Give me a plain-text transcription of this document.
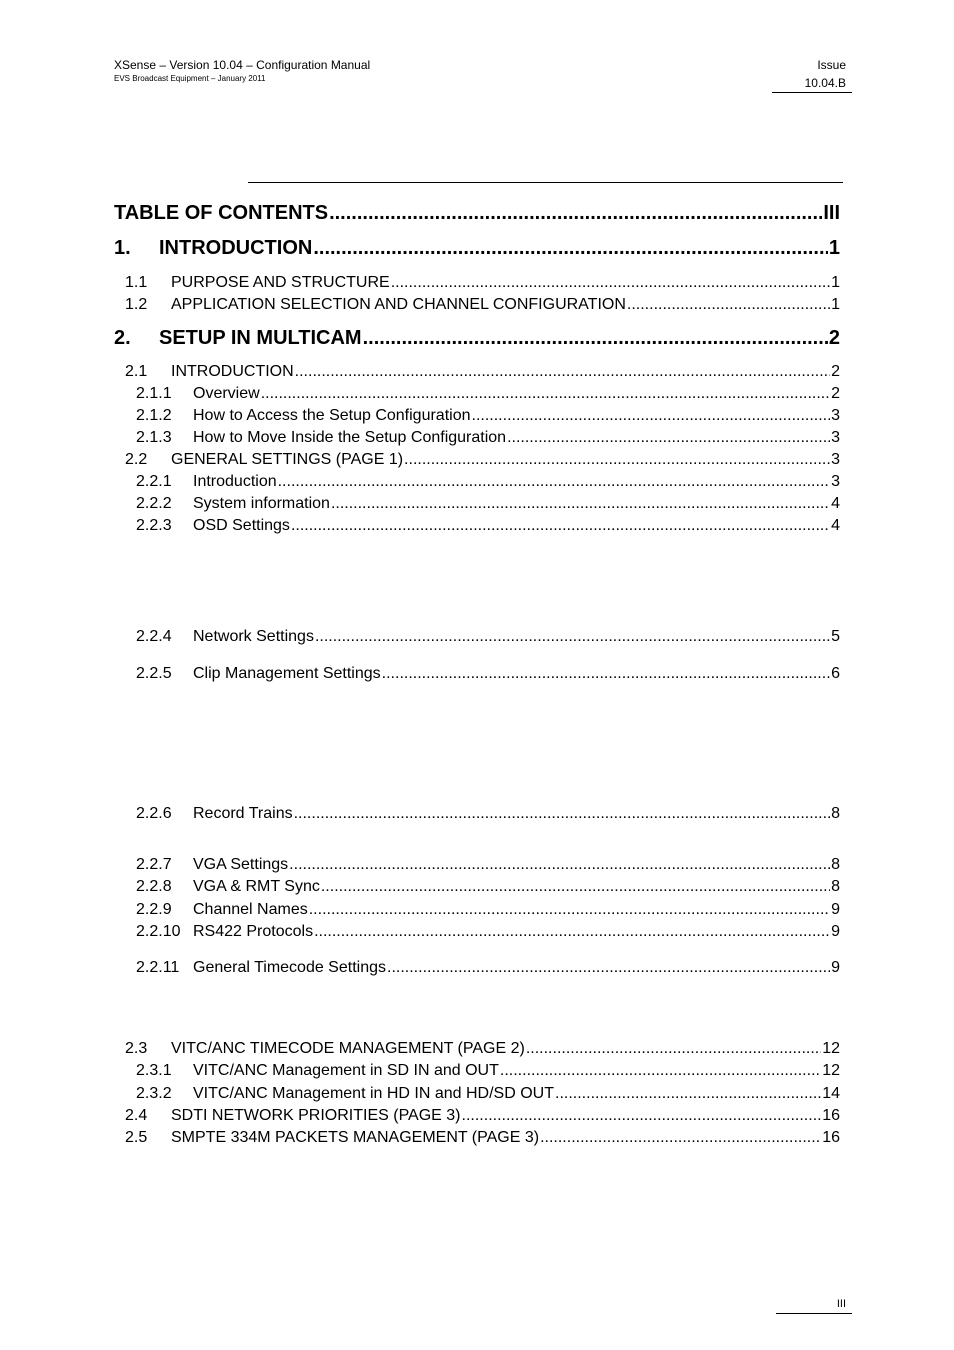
XSense – Version 10.04 – Configuration Manual
EVS Broadcast Equipment – January 2011
Issue
10.04.B
TABLE OF CONTENTS .....	III
1.	INTRODUCTION .....	1
1.1	PURPOSE AND STRUCTURE .....	1
1.2	APPLICATION SELECTION AND CHANNEL CONFIGURATION .....	1
2.	SETUP IN MULTICAM .....	2
2.1	INTRODUCTION .....	2
2.1.1	Overview .....	2
2.1.2	How to Access the Setup Configuration .....	3
2.1.3	How to Move Inside the Setup Configuration .....	3
2.2	GENERAL SETTINGS (PAGE 1) .....	3
2.2.1	Introduction .....	3
2.2.2	System information .....	4
2.2.3	OSD Settings .....	4
2.2.4	Network Settings .....	5
2.2.5	Clip Management Settings .....	6
2.2.6	Record Trains .....	8
2.2.7	VGA Settings .....	8
2.2.8	VGA & RMT Sync .....	8
2.2.9	Channel Names .....	9
2.2.10 RS422 Protocols .....	9
2.2.11 General Timecode Settings .....	9
2.3	VITC/ANC TIMECODE MANAGEMENT (PAGE 2) .....	12
2.3.1	VITC/ANC Management in SD IN and OUT .....	12
2.3.2	VITC/ANC Management in HD IN and HD/SD OUT .....	14
2.4	SDTI NETWORK PRIORITIES (PAGE 3) .....	16
2.5	SMPTE 334M PACKETS MANAGEMENT (PAGE 3) .....	16
III
